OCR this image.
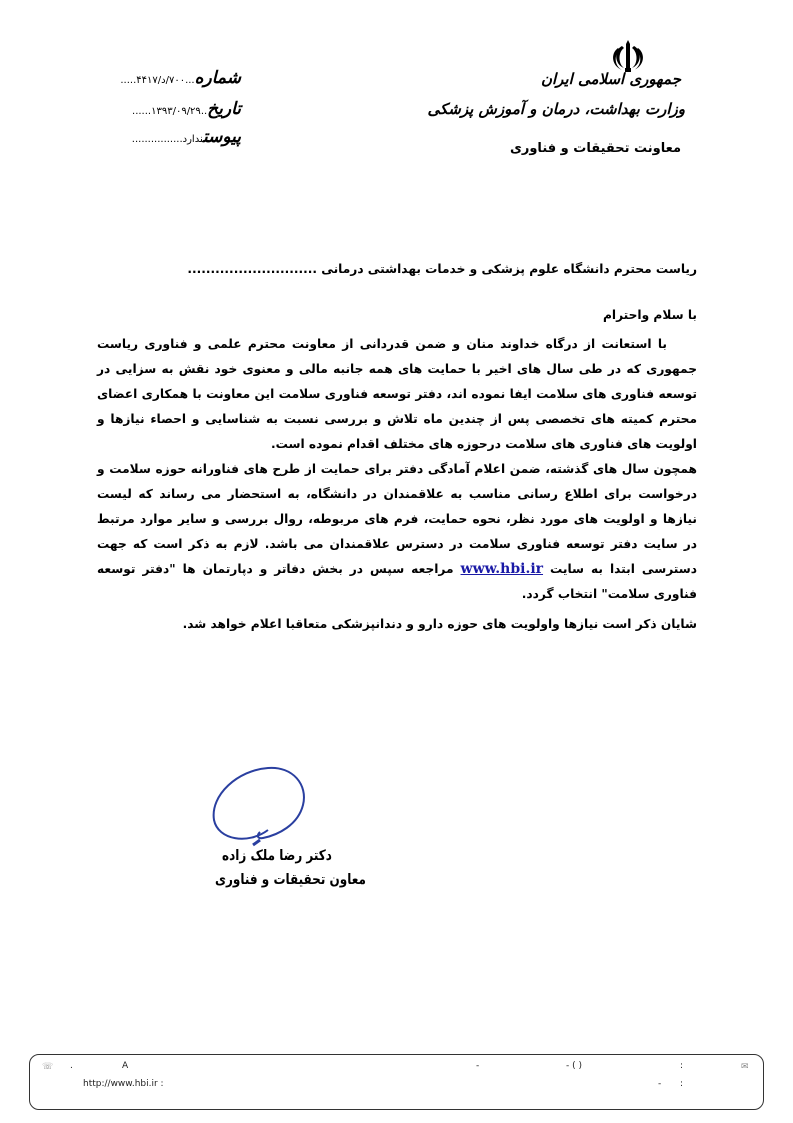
جمهوری اسلامی ایران
وزارت بهداشت، درمان و آموزش پزشکی
معاونت تحقیقات و فناوری
شماره...۷۰۰/د/۴۴۱۷.....
تاریخ..۱۳۹۳/۰۹/۲۹......
پیوستندارد................
ریاست محترم دانشگاه علوم پزشکی و خدمات بهداشتی درمانی ............................
با سلام واحترام

با استعانت از درگاه خداوند منان و ضمن قدردانی از معاونت محترم علمی و فناوری ریاست جمهوری که در طی سال های اخیر با حمایت های همه جانبه مالی و معنوی خود نقش به سزایی در توسعه فناوری های سلامت ایفا نموده اند، دفتر توسعه فناوری سلامت این معاونت با همکاری اعضای محترم کمیته های تخصصی پس از چندین ماه تلاش و بررسی نسبت به شناسایی و احصاء نیازها و اولویت های فناوری های سلامت درحوزه های مختلف اقدام نموده است.

همچون سال های گذشته، ضمن اعلام آمادگی دفتر برای حمایت از طرح های فناورانه حوزه سلامت و درخواست برای اطلاع رسانی مناسب به علاقمندان در دانشگاه، به استحضار می رساند که لیست نیازها و اولویت های مورد نظر، نحوه حمایت، فرم های مربوطه، روال بررسی و سایر موارد مرتبط در سایت دفتر توسعه فناوری سلامت در دسترس علاقمندان می باشد. لازم به ذکر است که جهت دسترسی ابتدا به سایت www.hbi.ir مراجعه سپس در بخش دفاتر و دپارتمان ها "دفتر توسعه فناوری سلامت" انتخاب گردد.

شایان ذکر است نیازها واولویت های حوزه دارو و دندانپزشکی متعاقبا اعلام خواهد شد.

دکتر رضا ملک زاده
معاون تحقیقات و فناوری
☏ .	A	-	- ( )	:	✉
http://www.hbi.ir :	- :
